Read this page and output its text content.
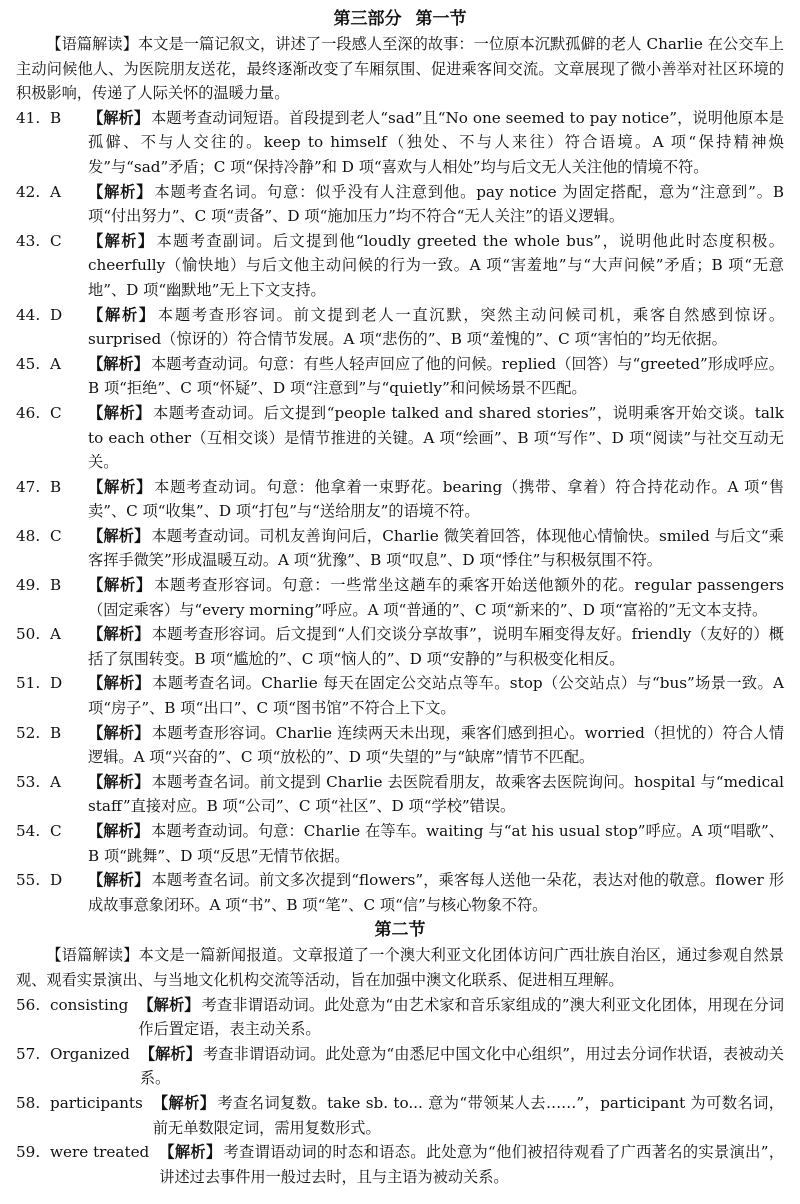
第三部分 第一节

【语篇解读】本文是一篇记叙文，讲述了一段感人至深的故事：一位原本沉默孤僻的老人 Charlie 在公交车上主动问候他人、为医院朋友送花，最终逐渐改变了车厢氛围、促进乘客间交流。文章展现了微小善举对社区环境的积极影响，传递了人际关怀的温暖力量。

41. B	【解析】 本题考查动词短语。首段提到老人“sad”且“No one seemed to pay notice”，说明他原本是孤僻、不与人交往的。keep to himself（独处、不与人来往）符合语境。A 项“保持精神焕发”与“sad”矛盾；C 项“保持冷静”和 D 项“喜欢与人相处”均与后文无人关注他的情境不符。
42. A	【解析】 本题考查名词。句意：似乎没有人注意到他。pay notice 为固定搭配，意为“注意到”。B 项“付出努力”、C 项“责备”、D 项“施加压力”均不符合“无人关注”的语义逻辑。
43. C	【解析】 本题考查副词。后文提到他“loudly greeted the whole bus”，说明他此时态度积极。cheerfully（愉快地）与后文他主动问候的行为一致。A 项“害羞地”与“大声问候”矛盾；B 项“无意地”、D 项“幽默地”无上下文支持。
44. D	【解析】 本题考查形容词。前文提到老人一直沉默，突然主动问候司机，乘客自然感到惊讶。surprised（惊讶的）符合情节发展。A 项“悲伤的”、B 项“羞愧的”、C 项“害怕的”均无依据。
45. A	【解析】 本题考查动词。句意：有些人轻声回应了他的问候。replied（回答）与“greeted”形成呼应。B 项“拒绝”、C 项“怀疑”、D 项“注意到”与“quietly”和问候场景不匹配。
46. C	【解析】 本题考查动词。后文提到“people talked and shared stories”，说明乘客开始交谈。talk to each other（互相交谈）是情节推进的关键。A 项“绘画”、B 项“写作”、D 项“阅读”与社交互动无关。
47. B	【解析】 本题考查动词。句意：他拿着一束野花。bearing（携带、拿着）符合持花动作。A 项“售卖”、C 项“收集”、D 项“打包”与“送给朋友”的语境不符。
48. C	【解析】 本题考查动词。司机友善询问后，Charlie 微笑着回答，体现他心情愉快。smiled 与后文“乘客挥手微笑”形成温暖互动。A 项“犹豫”、B 项“叹息”、D 项“悸住”与积极氛围不符。
49. B	【解析】 本题考查形容词。句意：一些常坐这趟车的乘客开始送他额外的花。regular passengers（固定乘客）与“every morning”呼应。A 项“普通的”、C 项“新来的”、D 项“富裕的”无文本支持。
50. A	【解析】 本题考查形容词。后文提到“人们交谈分享故事”，说明车厢变得友好。friendly（友好的）概括了氛围转变。B 项“尴尬的”、C 项“恼人的”、D 项“安静的”与积极变化相反。
51. D	【解析】 本题考查名词。Charlie 每天在固定公交站点等车。stop（公交站点）与“bus”场景一致。A 项“房子”、B 项“出口”、C 项“图书馆”不符合上下文。
52. B	【解析】 本题考查形容词。Charlie 连续两天未出现，乘客们感到担心。worried（担忧的）符合人情逻辑。A 项“兴奋的”、C 项“放松的”、D 项“失望的”与“缺席”情节不匹配。
53. A	【解析】 本题考查名词。前文提到 Charlie 去医院看朋友，故乘客去医院询问。hospital 与“medical staff”直接对应。B 项“公司”、C 项“社区”、D 项“学校”错误。
54. C	【解析】 本题考查动词。句意：Charlie 在等车。waiting 与“at his usual stop”呼应。A 项“唱歌”、B 项“跳舞”、D 项“反思”无情节依据。
55. D	【解析】 本题考查名词。前文多次提到“flowers”，乘客每人送他一朵花，表达对他的敬意。flower 形成故事意象闭环。A 项“书”、B 项“笔”、C 项“信”与核心物象不符。
第二节

【语篇解读】本文是一篇新闻报道。文章报道了一个澳大利亚文化团体访问广西壮族自治区，通过参观自然景观、观看实景演出、与当地文化机构交流等活动，旨在加强中澳文化联系、促进相互理解。

56. consisting 【解析】 考查非谓语动词。此处意为“由艺术家和音乐家组成的”澳大利亚文化团体，用现在分词作后置定语，表主动关系。
57. Organized 【解析】 考查非谓语动词。此处意为“由悉尼中国文化中心组织”，用过去分词作状语，表被动关系。
58. participants 【解析】 考查名词复数。take sb. to... 意为“带领某人去……”，participant 为可数名词，前无单数限定词，需用复数形式。
59. were treated 【解析】 考查谓语动词的时态和语态。此处意为“他们被招待观看了广西著名的实景演出”，讲述过去事件用一般过去时，且与主语为被动关系。
